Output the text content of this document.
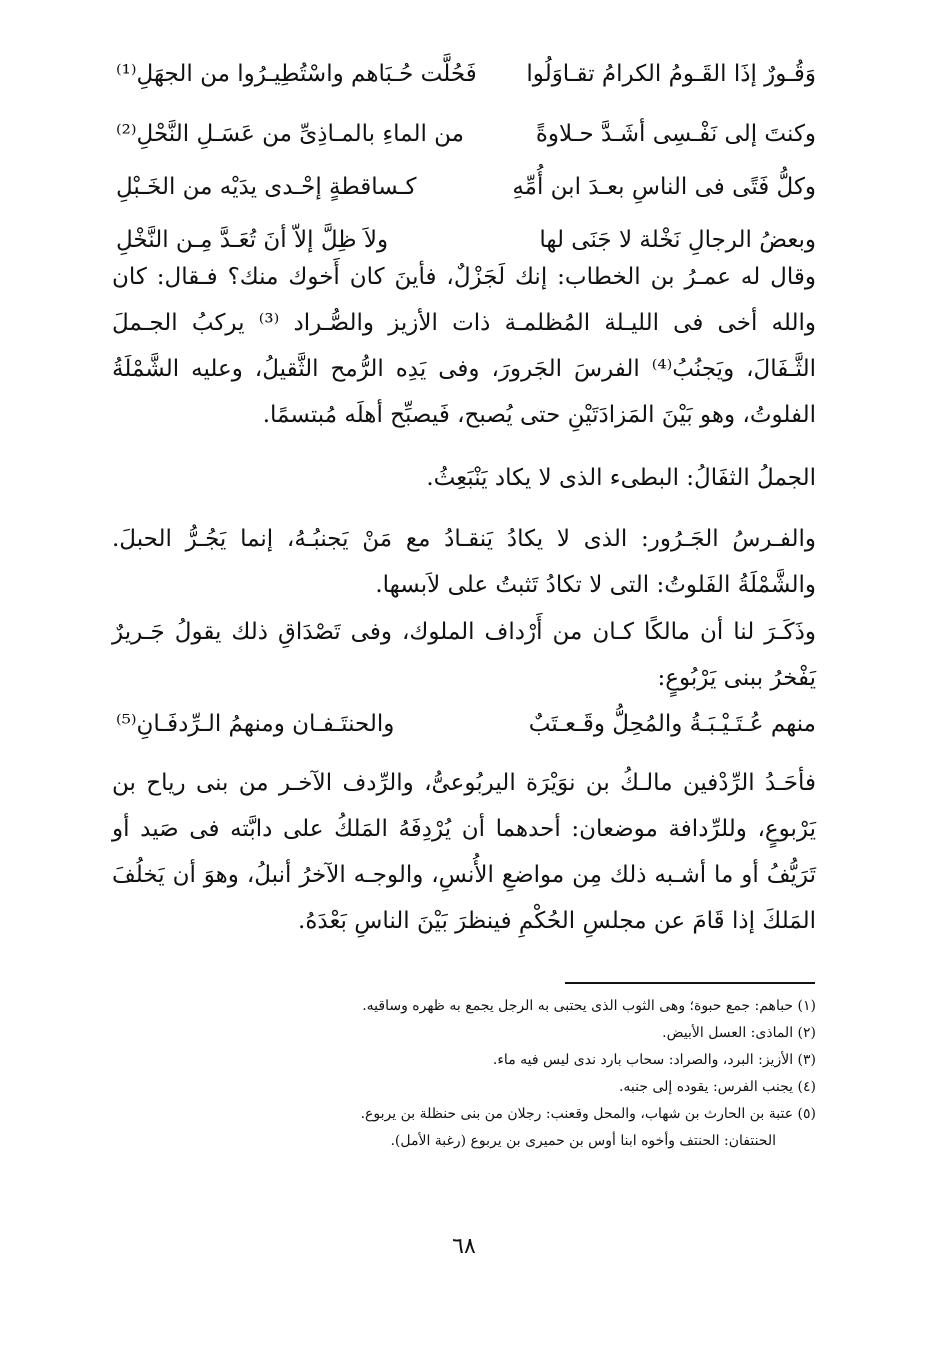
وَقُـورٌ إذَا القَـومُ الكرامُ تقـاوَلُوا
فَحُلَّت حُـبَاهم واسْتُطِيـرُوا من الجهَلِ⁽¹⁾
وكنتَ إلى نَفْـسِى أشَـدَّ حـلاوةً
من الماءِ بالمـاذِىِّ من عَسَـلِ النَّحْلِ⁽²⁾
وكلُّ فَتًى فى الناسِ بعـدَ ابن أُمِّهِ
كـساقطةٍ إحْـدى يدَيْه من الخَـبْلِ
وبعضُ الرجالِ نَخْلة لا جَنَى لها
ولاَ ظِلَّ إلاّ أنَ تُعَـدَّ مِـن النَّخْلِ

وقال له عمـرُ بن الخطاب: إنك لَجَزْلٌ، فأينَ كان أَخوك منك؟ فـقال: كان والله أخى فى الليـلة المُظلمـة ذات الأزيز والصُّـراد ⁽³⁾ يركبُ الجـملَ الثَّـفَالَ، ويَجنُبُ⁽⁴⁾ الفرسَ الجَرورَ، وفى يَدِه الرُّمح الثَّقيلُ، وعليه الشَّمْلَةُ الفلوتُ، وهو بَيْنَ المَزادَتَيْنِ حتى يُصبح، فَيصبِّح أهلَه مُبتسمًا.

الجملُ الثفَالُ: البطىء الذى لا يكاد يَنْبَعِثُ.

والفـرسُ الجَـرُور: الذى لا يكادُ يَنقـادُ مع مَنْ يَجنبُـهُ، إنما يَجُـرُّ الحبلَ. والشَّمْلَةُ الفَلوتُ: التى لا تكادُ تَثبتُ على لاَبسها.

وذَكَـرَ لنا أن مالكًا كـان من أَرْداف الملوك، وفى تَصْدَاقِ ذلك يقولُ جَـريرٌ يَفْخرُ ببنى يَرْبُوعٍ:

منهم عُـتَـيْـبَـةُ والمُحِلُّ وقَـعـتَبٌ
والحنتَـفـان ومنهمُ الـرِّدفَـانِ⁽⁵⁾

فأحَـدُ الرِّدْفين مالـكُ بن نوَيْرَة اليربُوعىُّ، والرِّدف الآخـر من بنى رياح بن يَرْبوعٍ، وللرِّدافة موضعان: أحدهما أن يُرْدِفَهُ المَلكُ على دابَّته فى صَيد أو تَرَيُّفُ أو ما أشـبه ذلك مِن مواضعِ الأُنسِ، والوجـه الآخرُ أنبلُ، وهوَ أن يَخلُفَ المَلكَ إذا قَامَ عن مجلسِ الحُكْمِ فينظرَ بَيْنَ الناسِ بَعْدَهُ.

(١) حباهم: جمع حبوة؛ وهى الثوب الذى يحتبى به الرجل يجمع به ظهره وساقيه.
(٢) الماذى: العسل الأبيض.
(٣) الأزيز: البرد، والصراد: سحاب بارد ندى ليس فيه ماء.
(٤) يجنب الفرس: يقوده إلى جنبه.
(٥) عتبة بن الحارث بن شهاب، والمحل وقعنب: رجلان من بنى حنظلة بن يربوع.
الحنتفان: الحنتف وأخوه ابنا أوس بن حميرى بن يربوع (رغبة الأمل).
٦٨
